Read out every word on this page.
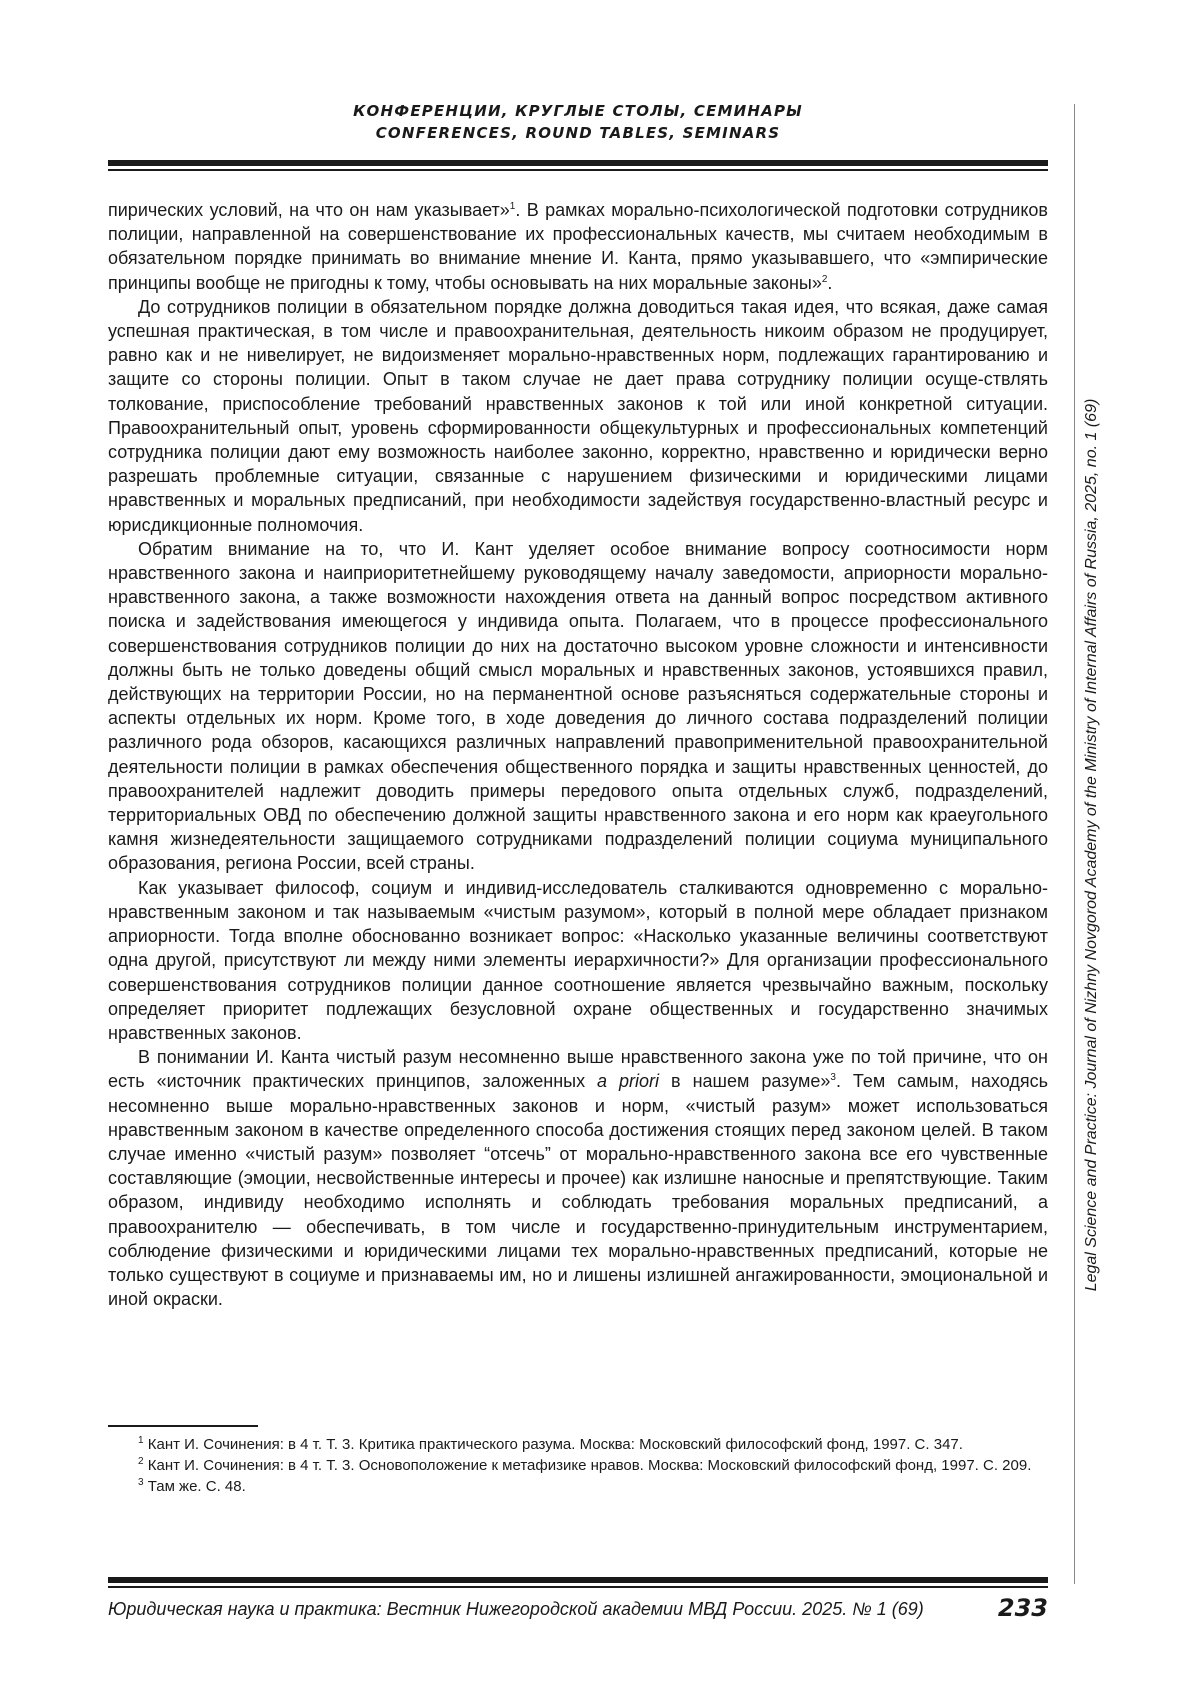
КОНФЕРЕНЦИИ, КРУГЛЫЕ СТОЛЫ, СЕМИНАРЫ
CONFERENCES, ROUND TABLES, SEMINARS
Legal Science and Practice: Journal of Nizhny Novgorod Academy of the Ministry of Internal Affairs of Russia, 2025, no. 1 (69)

пирических условий, на что он нам указывает»$^1$. В рамках морально-психологической подготовки сотрудников полиции, направленной на совершенствование их профессиональных качеств, мы считаем необходимым в обязательном порядке принимать во внимание мнение И. Канта, прямо указывавшего, что «эмпирические принципы вообще не пригодны к тому, чтобы основывать на них моральные законы»$^2$.

До сотрудников полиции в обязательном порядке должна доводиться такая идея, что всякая, даже самая успешная практическая, в том числе и правоохранительная, деятельность никоим образом не продуцирует, равно как и не нивелирует, не видоизменяет морально-нравственных норм, подлежащих гарантированию и защите со стороны полиции. Опыт в таком случае не дает права сотруднику полиции осуще-ствлять толкование, приспособление требований нравственных законов к той или иной конкретной ситуации. Правоохранительный опыт, уровень сформированности общекультурных и профессиональных компетенций сотрудника полиции дают ему возможность наиболее законно, корректно, нравственно и юридически верно разрешать проблемные ситуации, связанные с нарушением физическими и юридическими лицами нравственных и моральных предписаний, при необходимости задействуя государственно-властный ресурс и юрисдикционные полномочия.

Обратим внимание на то, что И. Кант уделяет особое внимание вопросу соотносимости норм нравственного закона и наиприоритетнейшему руководящему началу заведомости, априорности морально-нравственного закона, а также возможности нахождения ответа на данный вопрос посредством активного поиска и задействования имеющегося у индивида опыта. Полагаем, что в процессе профессионального совершенствования сотрудников полиции до них на достаточно высоком уровне сложности и интенсивности должны быть не только доведены общий смысл моральных и нравственных законов, устоявшихся правил, действующих на территории России, но на перманентной основе разъясняться содержательные стороны и аспекты отдельных их норм. Кроме того, в ходе доведения до личного состава подразделений полиции различного рода обзоров, касающихся различных направлений правоприменительной правоохранительной деятельности полиции в рамках обеспечения общественного порядка и защиты нравственных ценностей, до правоохранителей надлежит доводить примеры передового опыта отдельных служб, подразделений, территориальных ОВД по обеспечению должной защиты нравственного закона и его норм как краеугольного камня жизнедеятельности защищаемого сотрудниками подразделений полиции социума муниципального образования, региона России, всей страны.

Как указывает философ, социум и индивид-исследователь сталкиваются одновременно с морально-нравственным законом и так называемым «чистым разумом», который в полной мере обладает признаком априорности. Тогда вполне обоснованно возникает вопрос: «Насколько указанные величины соответствуют одна другой, присутствуют ли между ними элементы иерархичности?» Для организации профессионального совершенствования сотрудников полиции данное соотношение является чрезвычайно важным, поскольку определяет приоритет подлежащих безусловной охране общественных и государственно значимых нравственных законов.

В понимании И. Канта чистый разум несомненно выше нравственного закона уже по той причине, что он есть «источник практических принципов, заложенных a priori в нашем разуме»$^3$. Тем самым, находясь несомненно выше морально-нравственных законов и норм, «чистый разум» может использоваться нравственным законом в качестве определенного способа достижения стоящих перед законом целей. В таком случае именно «чистый разум» позволяет “отсечь” от морально-нравственного закона все его чувственные составляющие (эмоции, несвойственные интересы и прочее) как излишне наносные и препятствующие. Таким образом, индивиду необходимо исполнять и соблюдать требования моральных предписаний, а правоохранителю — обеспечивать, в том числе и государственно-принудительным инструментарием, соблюдение физическими и юридическими лицами тех морально-нравственных предписаний, которые не только существуют в социуме и признаваемы им, но и лишены излишней ангажированности, эмоциональной и иной окраски.

$^1$ Кант И. Сочинения: в 4 т. Т. 3. Критика практического разума. Москва: Московский философский фонд, 1997. С. 347.

$^2$ Кант И. Сочинения: в 4 т. Т. 3. Основоположение к метафизике нравов. Москва: Московский философский фонд, 1997. С. 209.

$^3$ Там же. С. 48.

Юридическая наука и практика: Вестник Нижегородской академии МВД России. 2025. № 1 (69)	233
